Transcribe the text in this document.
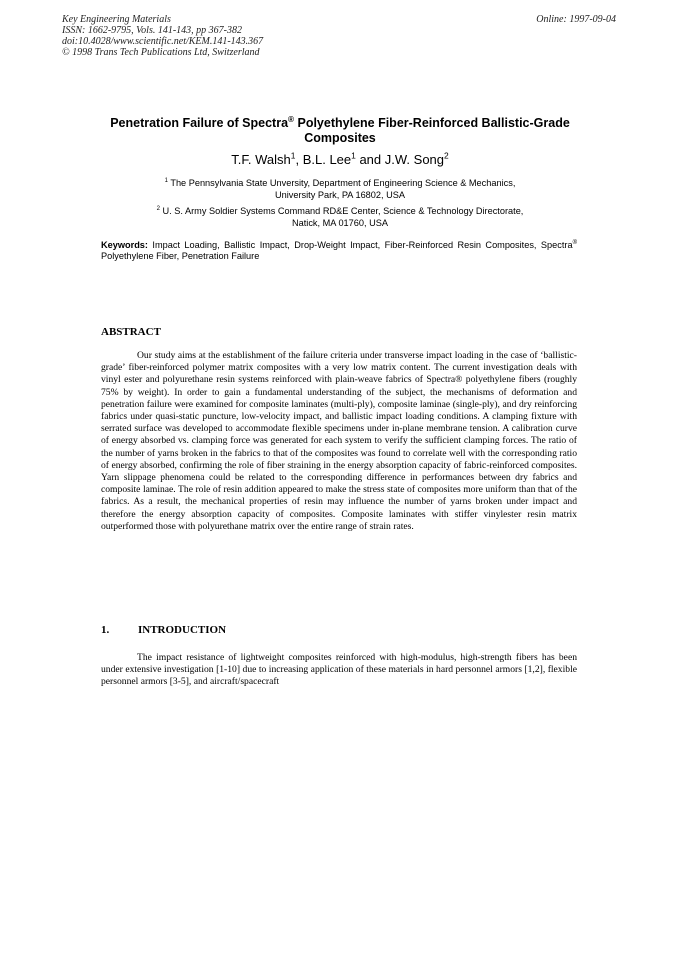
Key Engineering Materials
ISSN: 1662-9795, Vols. 141-143, pp 367-382
doi:10.4028/www.scientific.net/KEM.141-143.367
© 1998 Trans Tech Publications Ltd, Switzerland
Online: 1997-09-04
Penetration Failure of Spectra® Polyethylene Fiber-Reinforced Ballistic-Grade Composites
T.F. Walsh$^1$, B.L. Lee$^1$ and J.W. Song$^2$
$^1$ The Pennsylvania State Unversity, Department of Engineering Science & Mechanics,
University Park, PA 16802, USA
$^2$ U. S. Army Soldier Systems Command RD&E Center, Science & Technology Directorate,
Natick, MA 01760, USA
Keywords: Impact Loading, Ballistic Impact, Drop-Weight Impact, Fiber-Reinforced Resin Composites, Spectra® Polyethylene Fiber, Penetration Failure
ABSTRACT

Our study aims at the establishment of the failure criteria under transverse impact loading in the case of ‘ballistic-grade’ fiber-reinforced polymer matrix composites with a very low matrix content. The current investigation deals with vinyl ester and polyurethane resin systems reinforced with plain-weave fabrics of Spectra® polyethylene fibers (roughly 75% by weight). In order to gain a fundamental understanding of the subject, the mechanisms of deformation and penetration failure were examined for composite laminates (multi-ply), composite laminae (single-ply), and dry reinforcing fabrics under quasi-static puncture, low-velocity impact, and ballistic impact loading conditions. A clamping fixture with serrated surface was developed to accommodate flexible specimens under in-plane membrane tension. A calibration curve of energy absorbed vs. clamping force was generated for each system to verify the sufficient clamping forces. The ratio of the number of yarns broken in the fabrics to that of the composites was found to correlate well with the corresponding ratio of energy absorbed, confirming the role of fiber straining in the energy absorption capacity of fabric-reinforced composites. Yarn slippage phenomena could be related to the corresponding difference in performances between dry fabrics and composite laminae. The role of resin addition appeared to make the stress state of composites more uniform than that of the fabrics. As a result, the mechanical properties of resin may influence the number of yarns broken under impact and therefore the energy absorption capacity of composites. Composite laminates with stiffer vinylester resin matrix outperformed those with polyurethane matrix over the entire range of strain rates.

1.	INTRODUCTION

The impact resistance of lightweight composites reinforced with high-modulus, high-strength fibers has been under extensive investigation [1-10] due to increasing application of these materials in hard personnel armors [1,2], flexible personnel armors [3-5], and aircraft/spacecraft
